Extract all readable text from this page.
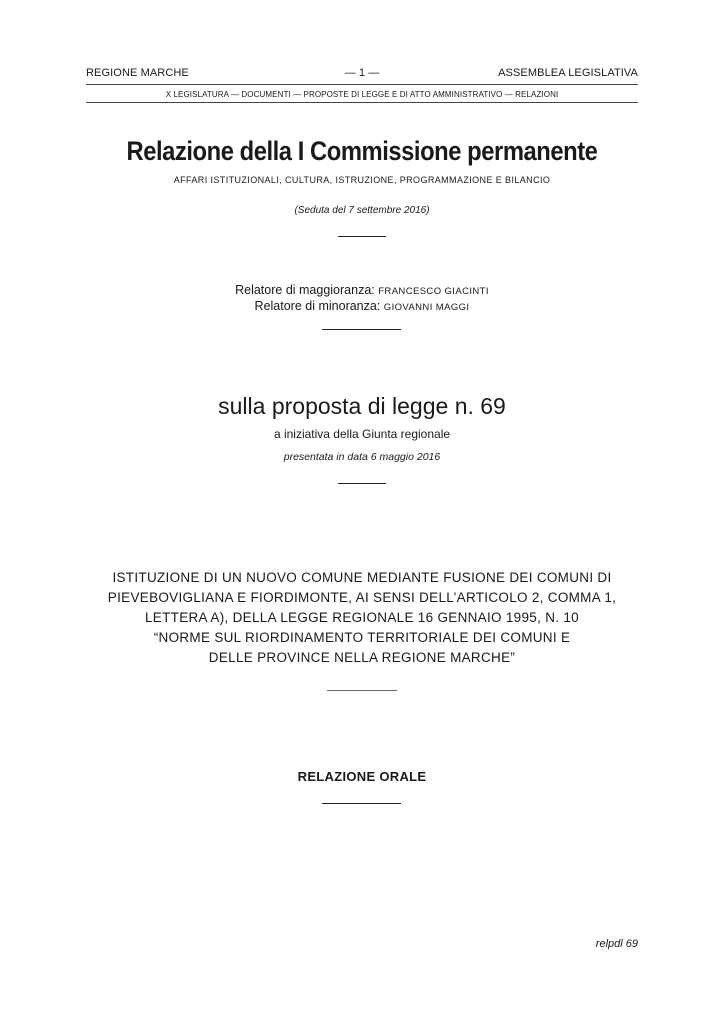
REGIONE MARCHE	— 1 —	ASSEMBLEA LEGISLATIVA
X LEGISLATURA — DOCUMENTI — PROPOSTE DI LEGGE E DI ATTO AMMINISTRATIVO — RELAZIONI
Relazione della I Commissione permanente
AFFARI ISTITUZIONALI, CULTURA, ISTRUZIONE, PROGRAMMAZIONE E BILANCIO
(Seduta del 7 settembre 2016)
Relatore di maggioranza: FRANCESCO GIACINTI
Relatore di minoranza: GIOVANNI MAGGI
sulla proposta di legge n. 69
a iniziativa della Giunta regionale
presentata in data 6 maggio 2016
ISTITUZIONE DI UN NUOVO COMUNE MEDIANTE FUSIONE DEI COMUNI DI
PIEVEBOVIGLIANA E FIORDIMONTE, AI SENSI DELL’ARTICOLO 2, COMMA 1,
LETTERA A), DELLA LEGGE REGIONALE 16 GENNAIO 1995, N. 10
“NORME SUL RIORDINAMENTO TERRITORIALE DEI COMUNI E
DELLE PROVINCE NELLA REGIONE MARCHE”
RELAZIONE ORALE
relpdl 69
